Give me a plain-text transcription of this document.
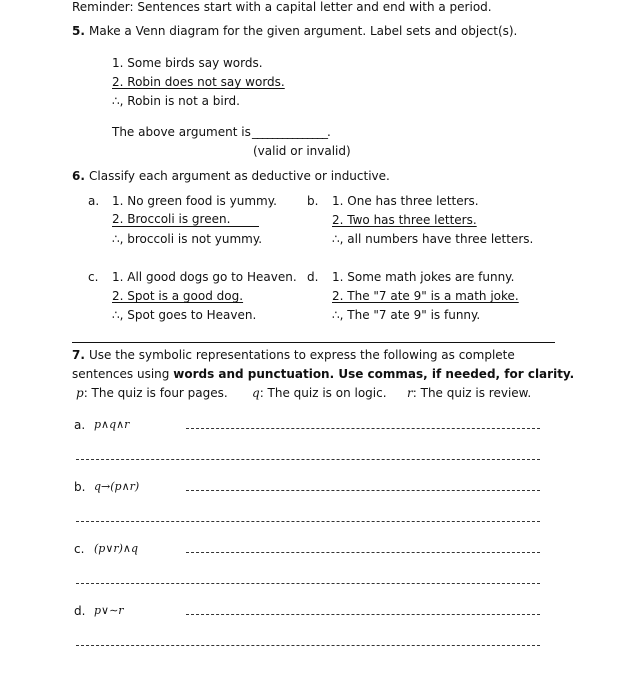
Reminder: Sentences start with a capital letter and end with a period.
5. Make a Venn diagram for the given argument. Label sets and object(s).
1. Some birds say words.
2. Robin does not say words.
∴, Robin is not a bird.
The above argument is _______________.
(valid or invalid)
6. Classify each argument as deductive or inductive.
a. 1. No green food is yummy.
2. Broccoli is green.
∴, broccoli is not yummy.
b. 1. One has three letters.
2. Two has three letters.
∴, all numbers have three letters.
c. 1. All good dogs go to Heaven.
2. Spot is a good dog.
∴, Spot goes to Heaven.
d. 1. Some math jokes are funny.
2. The "7 ate 9" is a math joke.
∴, The "7 ate 9" is funny.
7. Use the symbolic representations to express the following as complete
sentences using words and punctuation. Use commas, if needed, for clarity.
p: The quiz is four pages. q: The quiz is on logic. r: The quiz is review.
a. p∧q∧r
b. q→(p∧r)
c. (p∨r)∧q
d. p∨∼r
